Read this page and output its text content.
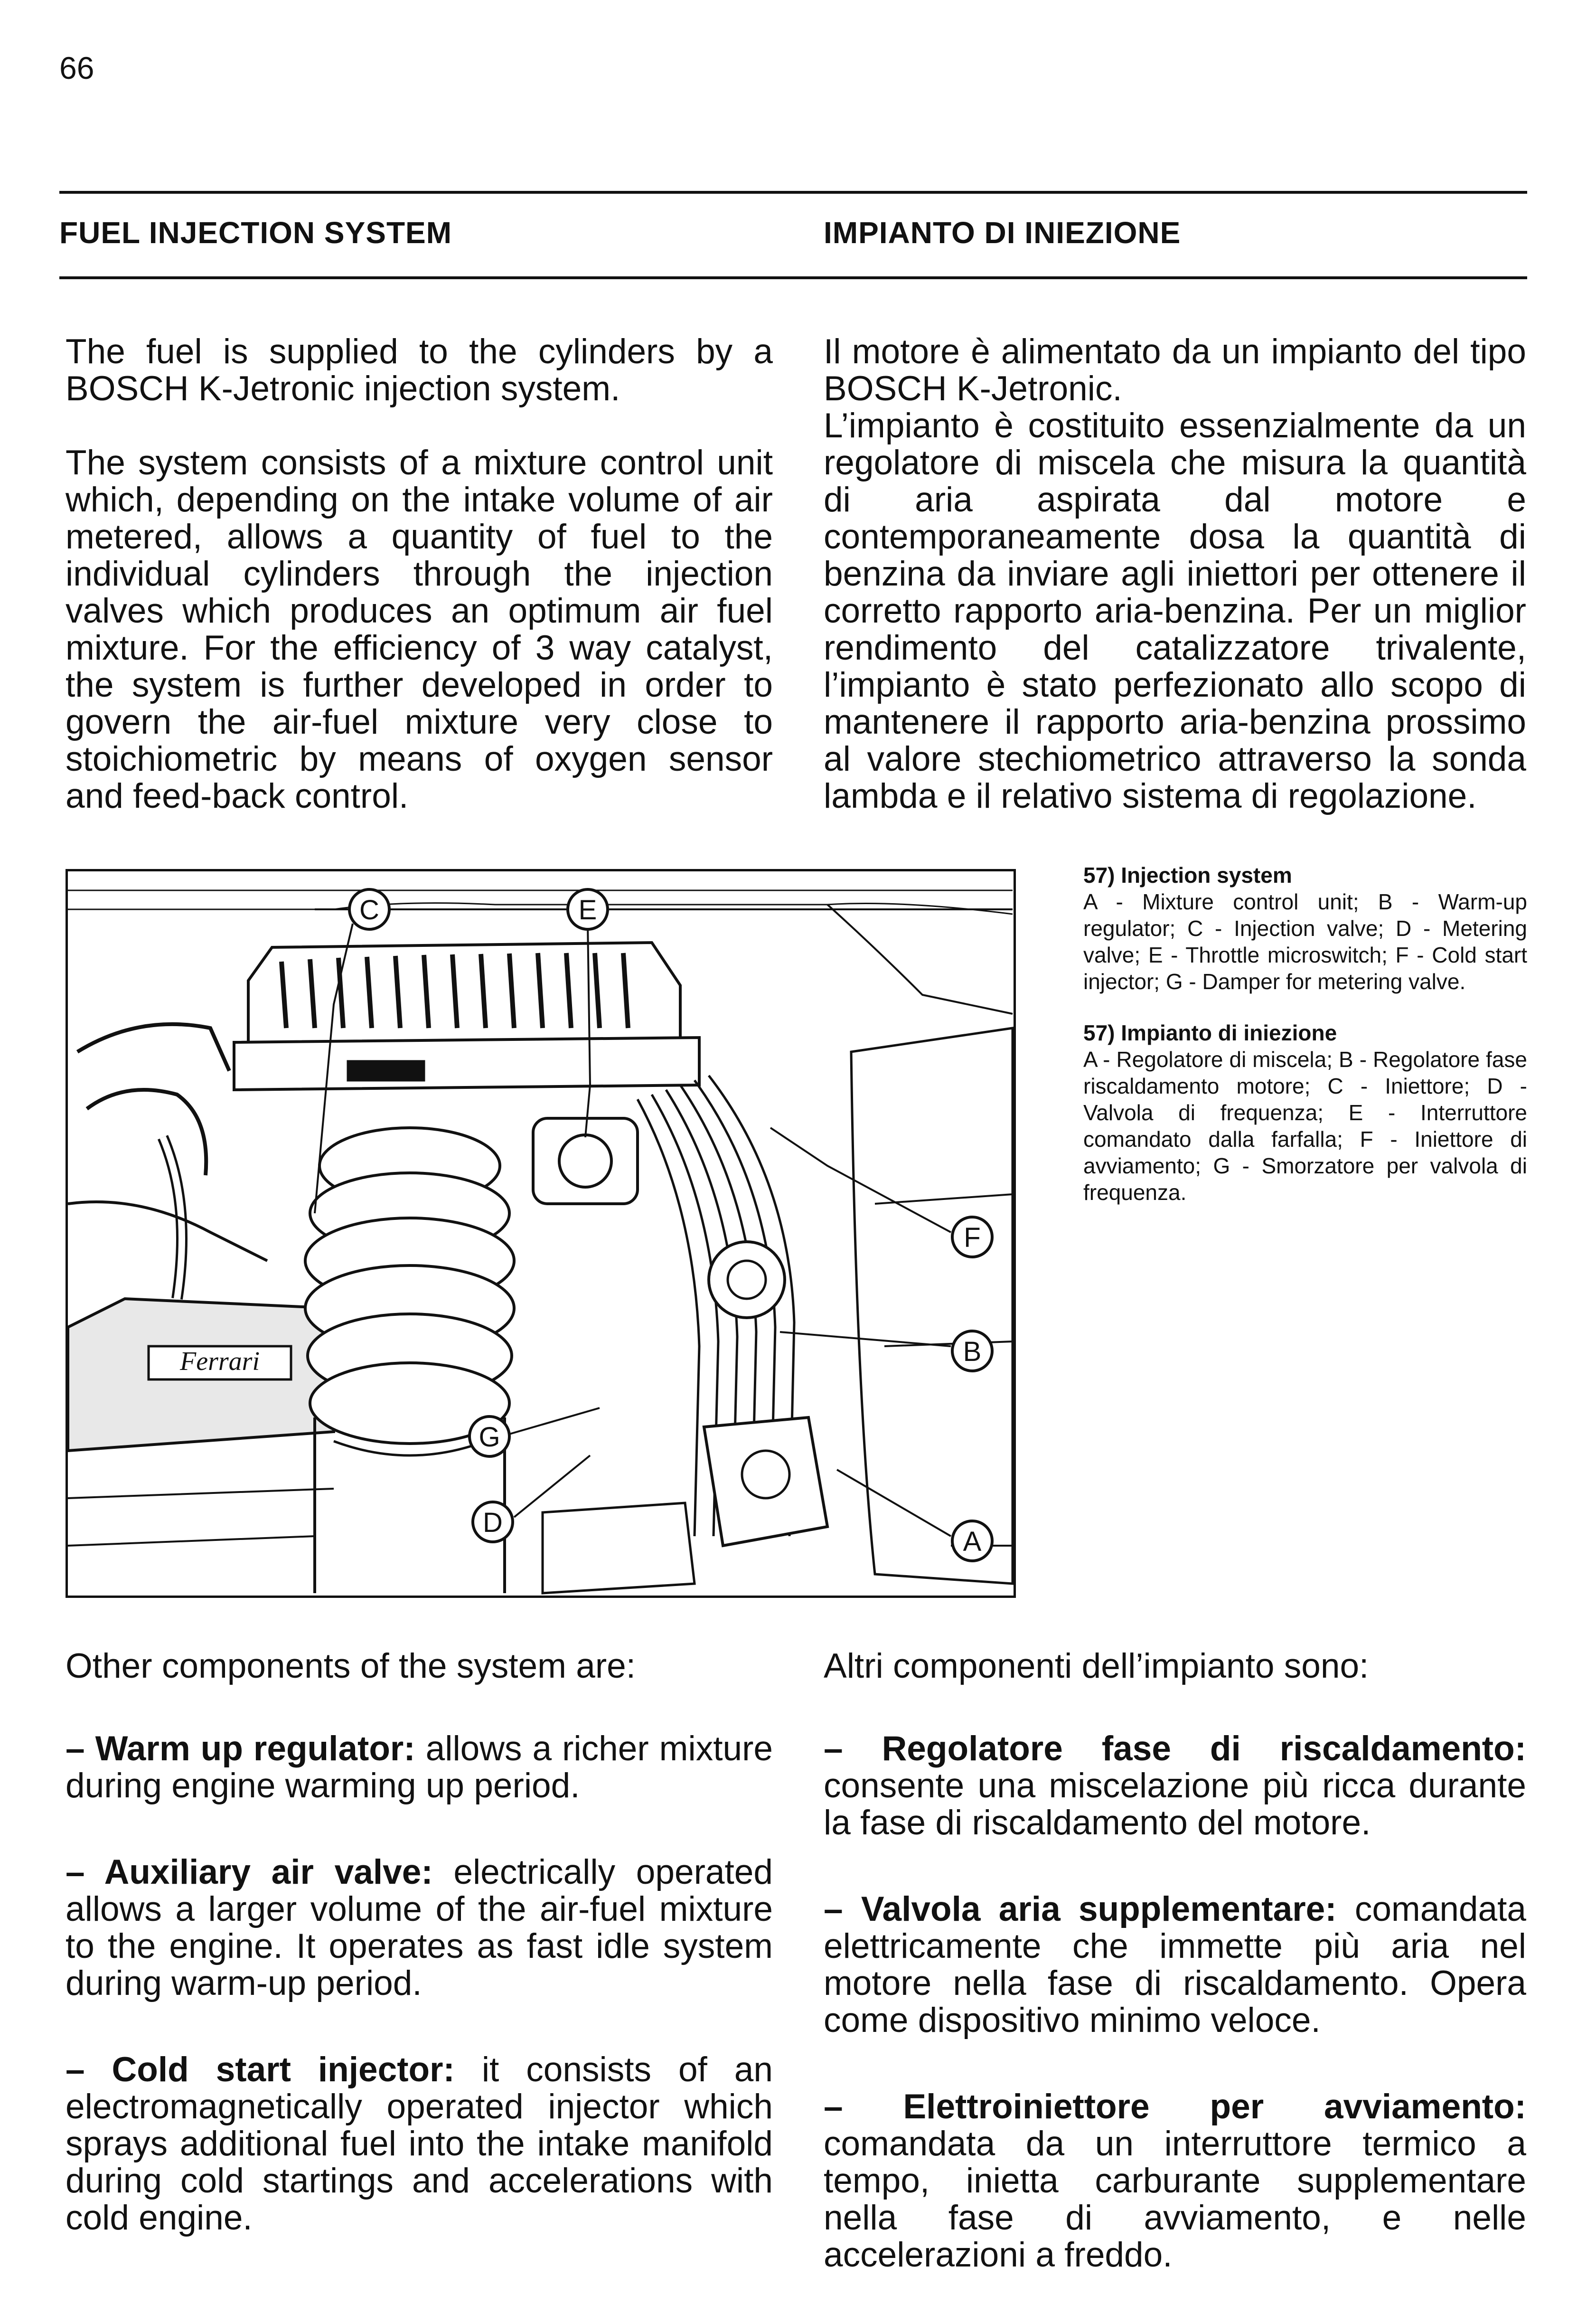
66
FUEL INJECTION SYSTEM	IMPIANTO DI INIEZIONE

The fuel is supplied to the cylinders by a BOSCH K-Jetronic injection system.

The system consists of a mixture control unit which, depending on the intake volume of air metered, allows a quantity of fuel to the individual cylinders through the injection valves which produces an optimum air fuel mixture. For the efficiency of 3 way catalyst, the system is further developed in order to govern the air-fuel mixture very close to stoichiometric by means of oxygen sensor and feed-back control.

Il motore è alimentato da un impianto del tipo BOSCH K-Jetronic.

L’impianto è costituito essenzialmente da un regolatore di miscela che misura la quantità di aria aspirata dal motore e contemporaneamente dosa la quantità di benzina da inviare agli iniettori per ottenere il corretto rapporto aria-benzina. Per un miglior rendimento del catalizzatore trivalente, l’impianto è stato perfezionato allo scopo di mantenere il rapporto aria-benzina prossimo al valore stechiometrico attraverso la sonda lambda e il relativo sistema di regolazione.

C	E
F
B
G
D
A
Ferrari

57) Injection system

A - Mixture control unit; B - Warm-up regulator; C - Injection valve; D - Metering valve; E - Throttle microswitch; F - Cold start injector; G - Damper for metering valve.

57) Impianto di iniezione

A - Regolatore di miscela; B - Regolatore fase riscaldamento motore; C - Iniettore; D - Valvola di frequenza; E - Interruttore comandato dalla farfalla; F - Iniettore di avviamento; G - Smorzatore per valvola di frequenza.

Other components of the system are:

– Warm up regulator: allows a richer mixture during engine warming up period.

– Auxiliary air valve: electrically operated allows a larger volume of the air-fuel mixture to the engine. It operates as fast idle system during warm-up period.

– Cold start injector: it consists of an electromagnetically operated injector which sprays additional fuel into the intake manifold during cold startings and accelerations with cold engine.

Altri componenti dell’impianto sono:

– Regolatore fase di riscaldamento: consente una miscelazione più ricca durante la fase di riscaldamento del motore.

– Valvola aria supplementare: comandata elettricamente che immette più aria nel motore nella fase di riscaldamento. Opera come dispositivo minimo veloce.

– Elettroiniettore per avviamento: comandata da un interruttore termico a tempo, inietta carburante supplementare nella fase di avviamento, e nelle accelerazioni a freddo.
